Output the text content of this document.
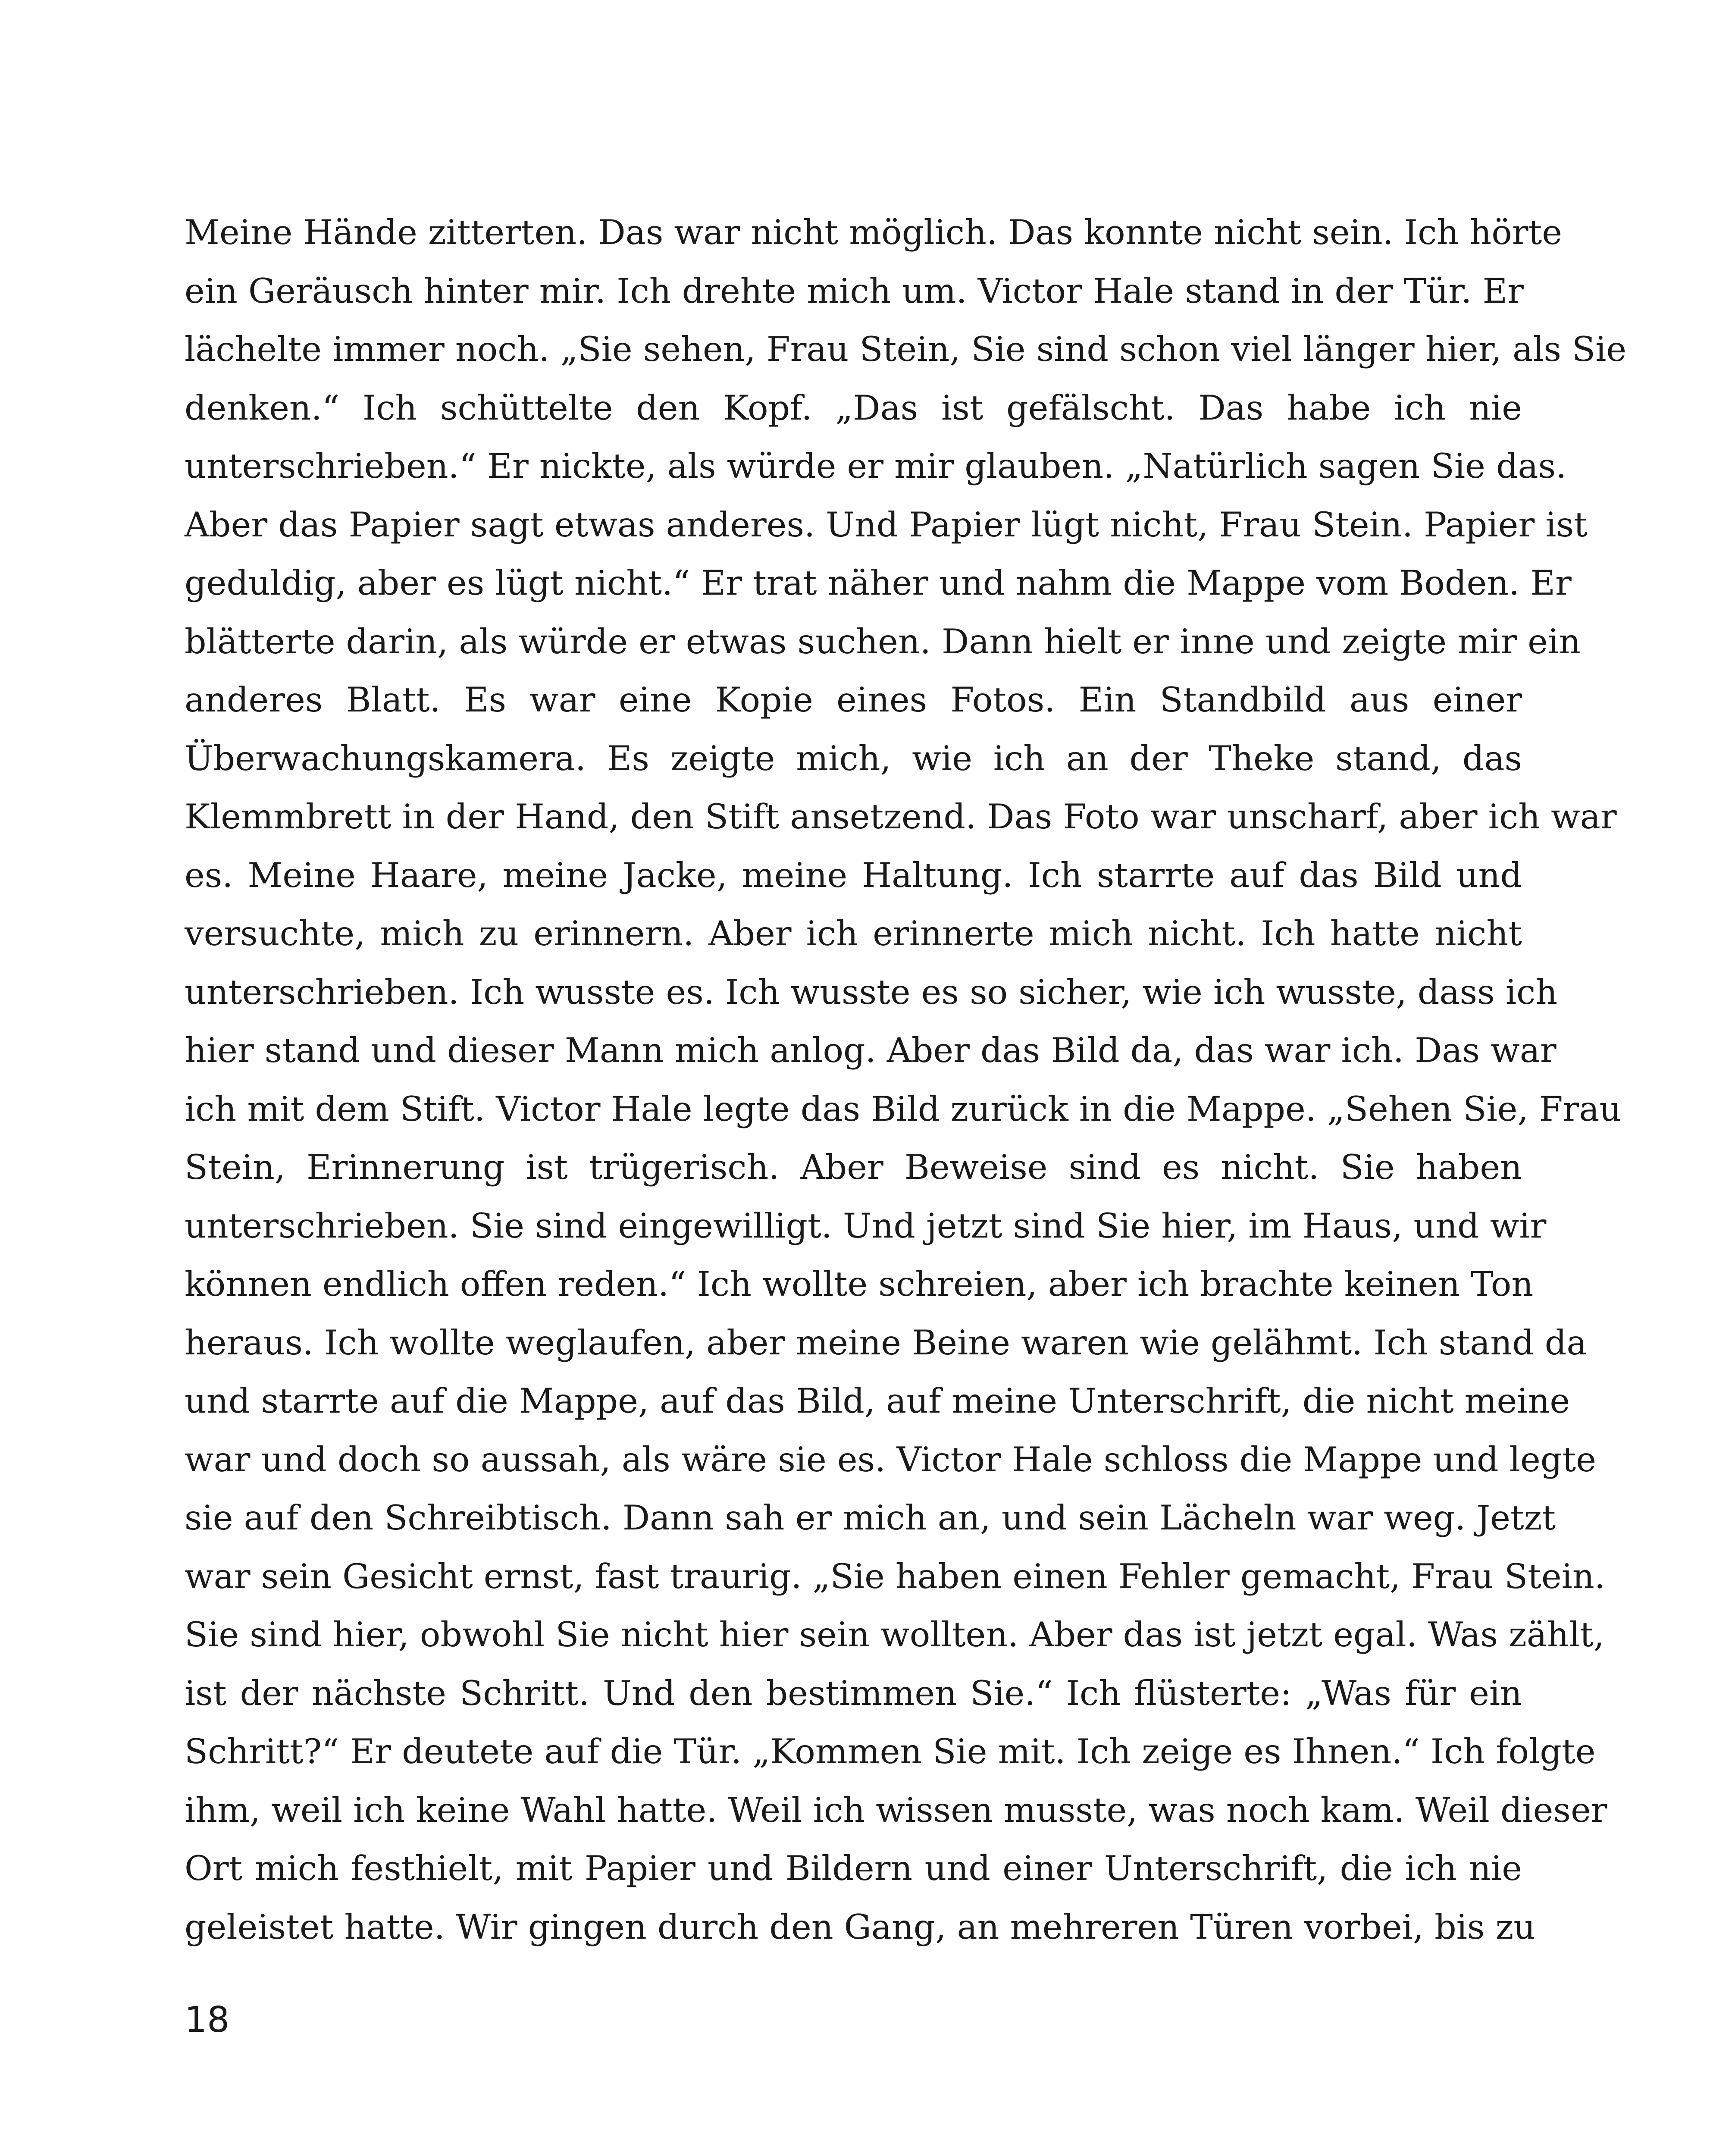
Meine Hände zitterten. Das war nicht möglich. Das konnte nicht sein. Ich hörte
ein Geräusch hinter mir. Ich drehte mich um. Victor Hale stand in der Tür. Er
lächelte immer noch. „Sie sehen, Frau Stein, Sie sind schon viel länger hier, als Sie
denken.“ Ich schüttelte den Kopf. „Das ist gefälscht. Das habe ich nie
unterschrieben.“ Er nickte, als würde er mir glauben. „Natürlich sagen Sie das.
Aber das Papier sagt etwas anderes. Und Papier lügt nicht, Frau Stein. Papier ist
geduldig, aber es lügt nicht.“ Er trat näher und nahm die Mappe vom Boden. Er
blätterte darin, als würde er etwas suchen. Dann hielt er inne und zeigte mir ein
anderes Blatt. Es war eine Kopie eines Fotos. Ein Standbild aus einer
Überwachungskamera. Es zeigte mich, wie ich an der Theke stand, das
Klemmbrett in der Hand, den Stift ansetzend. Das Foto war unscharf, aber ich war
es. Meine Haare, meine Jacke, meine Haltung. Ich starrte auf das Bild und
versuchte, mich zu erinnern. Aber ich erinnerte mich nicht. Ich hatte nicht
unterschrieben. Ich wusste es. Ich wusste es so sicher, wie ich wusste, dass ich
hier stand und dieser Mann mich anlog. Aber das Bild da, das war ich. Das war
ich mit dem Stift. Victor Hale legte das Bild zurück in die Mappe. „Sehen Sie, Frau
Stein, Erinnerung ist trügerisch. Aber Beweise sind es nicht. Sie haben
unterschrieben. Sie sind eingewilligt. Und jetzt sind Sie hier, im Haus, und wir
können endlich offen reden.“ Ich wollte schreien, aber ich brachte keinen Ton
heraus. Ich wollte weglaufen, aber meine Beine waren wie gelähmt. Ich stand da
und starrte auf die Mappe, auf das Bild, auf meine Unterschrift, die nicht meine
war und doch so aussah, als wäre sie es. Victor Hale schloss die Mappe und legte
sie auf den Schreibtisch. Dann sah er mich an, und sein Lächeln war weg. Jetzt
war sein Gesicht ernst, fast traurig. „Sie haben einen Fehler gemacht, Frau Stein.
Sie sind hier, obwohl Sie nicht hier sein wollten. Aber das ist jetzt egal. Was zählt,
ist der nächste Schritt. Und den bestimmen Sie.“ Ich flüsterte: „Was für ein
Schritt?“ Er deutete auf die Tür. „Kommen Sie mit. Ich zeige es Ihnen.“ Ich folgte
ihm, weil ich keine Wahl hatte. Weil ich wissen musste, was noch kam. Weil dieser
Ort mich festhielt, mit Papier und Bildern und einer Unterschrift, die ich nie
geleistet hatte. Wir gingen durch den Gang, an mehreren Türen vorbei, bis zu
18
